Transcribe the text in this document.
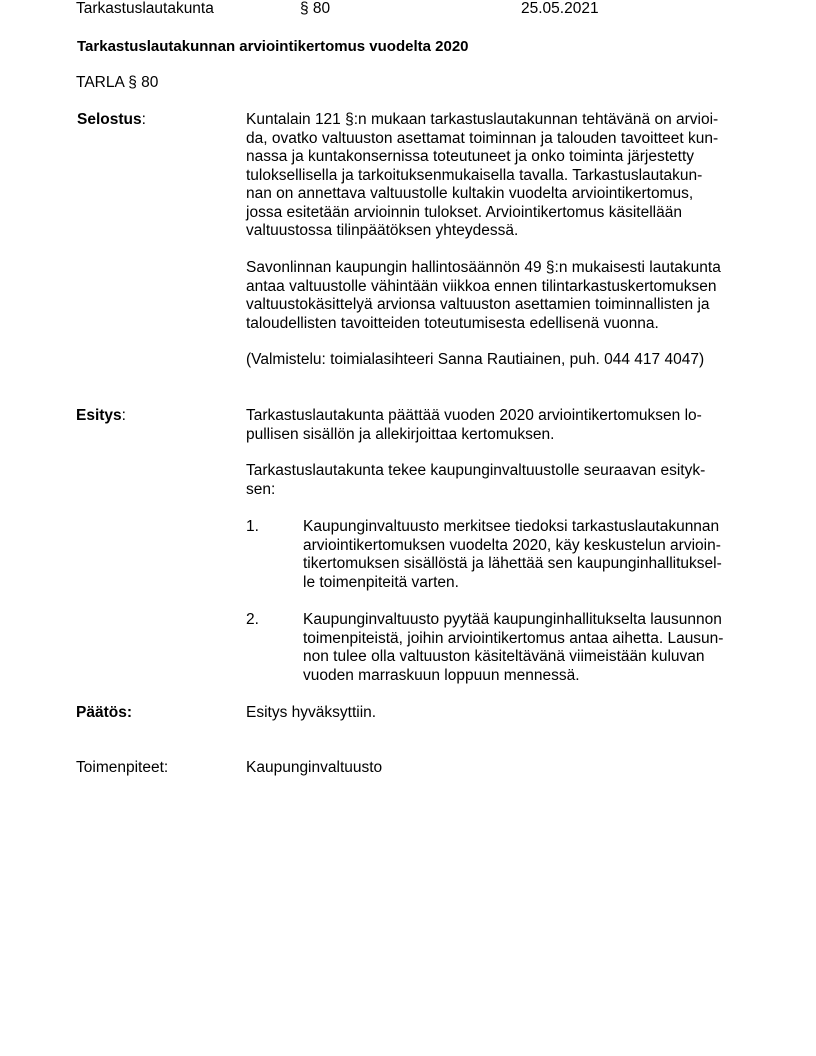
Tarkastuslautakunta	§ 80	25.05.2021
Tarkastuslautakunnan arviointikertomus vuodelta 2020
TARLA § 80
Selostus:	Kuntalain 121 §:n mukaan tarkastuslautakunnan tehtävänä on arvioi-
da, ovatko valtuuston asettamat toiminnan ja talouden tavoitteet kun-
nassa ja kuntakonsernissa toteutuneet ja onko toiminta järjestetty
tuloksellisella ja tarkoituksenmukaisella tavalla. Tarkastuslautakun-
nan on annettava valtuustolle kultakin vuodelta arviointikertomus,
jossa esitetään arvioinnin tulokset. Arviointikertomus käsitellään
valtuustossa tilinpäätöksen yhteydessä.
Savonlinnan kaupungin hallintosäännön 49 §:n mukaisesti lautakunta
antaa valtuustolle vähintään viikkoa ennen tilintarkastuskertomuksen
valtuustokäsittelyä arvionsa valtuuston asettamien toiminnallisten ja
taloudellisten tavoitteiden toteutumisesta edellisenä vuonna.
(Valmistelu: toimialasihteeri Sanna Rautiainen, puh. 044 417 4047)
Esitys:	Tarkastuslautakunta päättää vuoden 2020 arviointikertomuksen lo-
pullisen sisällön ja allekirjoittaa kertomuksen.
Tarkastuslautakunta tekee kaupunginvaltuustolle seuraavan esityk-
sen:
1.	Kaupunginvaltuusto merkitsee tiedoksi tarkastuslautakunnan
arviointikertomuksen vuodelta 2020, käy keskustelun arvioin-
tikertomuksen sisällöstä ja lähettää sen kaupunginhallituksel-
le toimenpiteitä varten.
2.	Kaupunginvaltuusto pyytää kaupunginhallitukselta lausunnon
toimenpiteistä, joihin arviointikertomus antaa aihetta. Lausun-
non tulee olla valtuuston käsiteltävänä viimeistään kuluvan
vuoden marraskuun loppuun mennessä.
Päätös:	Esitys hyväksyttiin.
Toimenpiteet:	Kaupunginvaltuusto
